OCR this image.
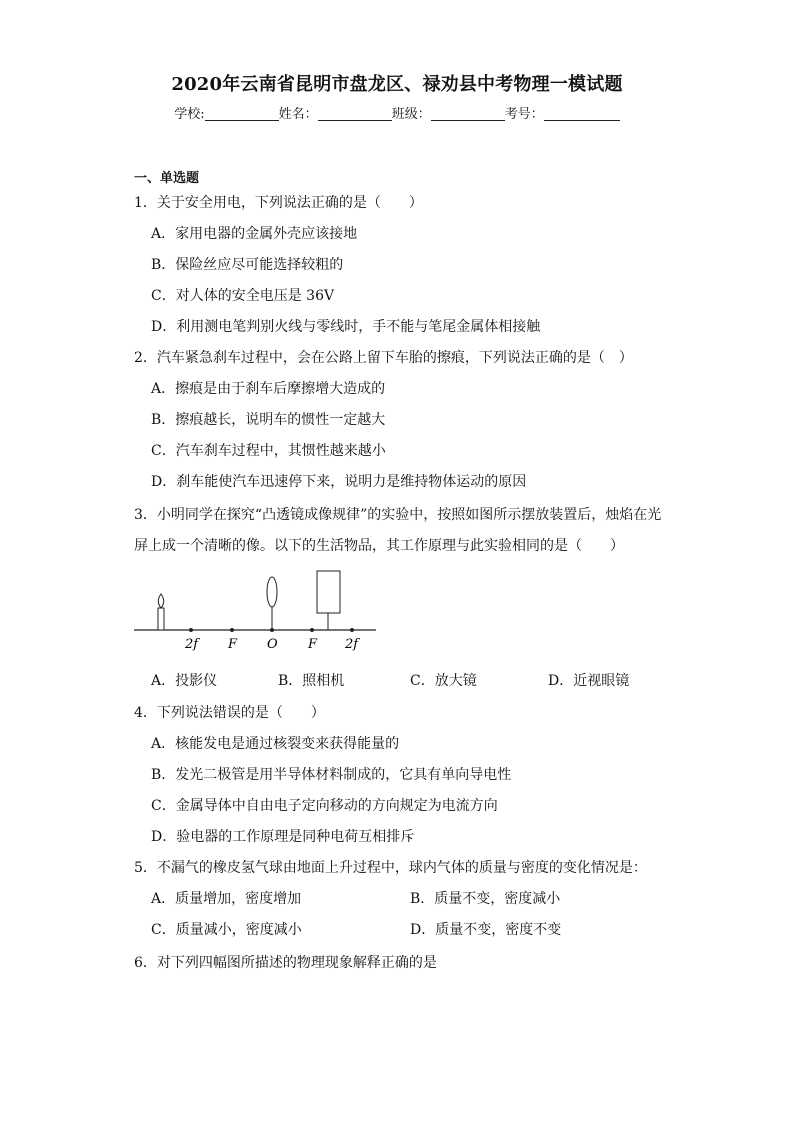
2020年云南省昆明市盘龙区、禄劝县中考物理一模试题
学校:	姓名：	班级：	考号：
一、单选题
1．关于安全用电，下列说法正确的是（　　）
A．家用电器的金属外壳应该接地
B．保险丝应尽可能选择较粗的
C．对人体的安全电压是 36V
D．利用测电笔判别火线与零线时，手不能与笔尾金属体相接触
2．汽车紧急刹车过程中，会在公路上留下车胎的擦痕，下列说法正确的是（　）
A．擦痕是由于刹车后摩擦增大造成的
B．擦痕越长，说明车的惯性一定越大
C．汽车刹车过程中，其惯性越来越小
D．刹车能使汽车迅速停下来，说明力是维持物体运动的原因
3．小明同学在探究“凸透镜成像规律”的实验中，按照如图所示摆放装置后，烛焰在光
屏上成一个清晰的像。以下的生活物品，其工作原理与此实验相同的是（　　）
2f F O F 2f
A．投影仪	B．照相机	C．放大镜	D．近视眼镜
4．下列说法错误的是（　　）
A．核能发电是通过核裂变来获得能量的
B．发光二极管是用半导体材料制成的，它具有单向导电性
C．金属导体中自由电子定向移动的方向规定为电流方向
D．验电器的工作原理是同种电荷互相排斥
5．不漏气的橡皮氢气球由地面上升过程中，球内气体的质量与密度的变化情况是：
A．质量增加，密度增加	B．质量不变，密度减小
C．质量减小，密度减小	D．质量不变，密度不变
6．对下列四幅图所描述的物理现象解释正确的是
